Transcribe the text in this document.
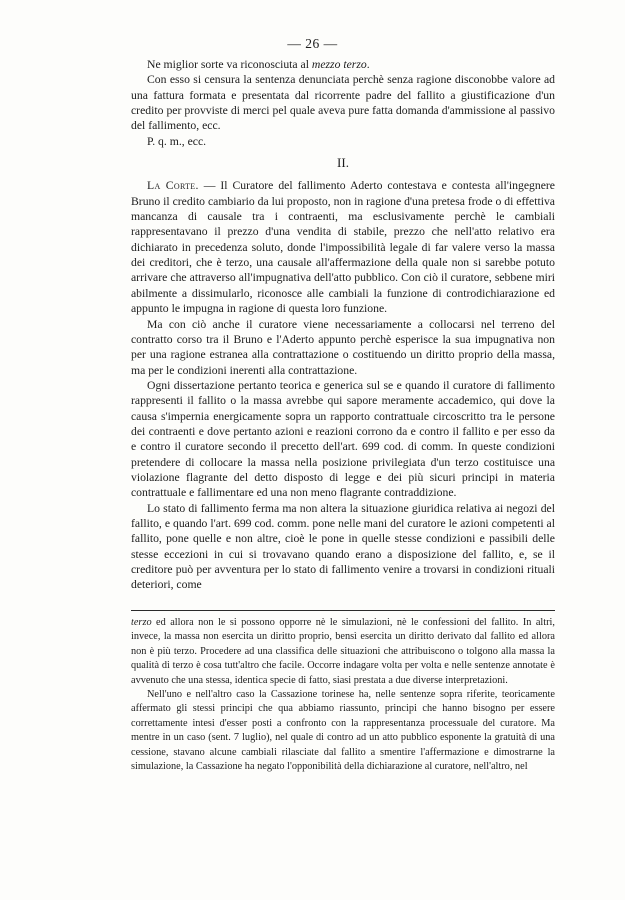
— 26 —

Ne miglior sorte va riconosciuta al mezzo terzo.

Con esso si censura la sentenza denunciata perchè senza ragione disconobbe valore ad una fattura formata e presentata dal ricorrente padre del fallito a giustificazione d'un credito per provviste di merci pel quale aveva pure fatta domanda d'ammissione al passivo del fallimento, ecc.

P. q. m., ecc.

II.

La Corte. — Il Curatore del fallimento Aderto contestava e contesta all'ingegnere Bruno il credito cambiario da lui proposto, non in ragione d'una pretesa frode o di effettiva mancanza di causale tra i contraenti, ma esclusivamente perchè le cambiali rappresentavano il prezzo d'una vendita di stabile, prezzo che nell'atto relativo era dichiarato in precedenza soluto, donde l'impossibilità legale di far valere verso la massa dei creditori, che è terzo, una causale all'affermazione della quale non si sarebbe potuto arrivare che attraverso all'impugnativa dell'atto pubblico. Con ciò il curatore, sebbene miri abilmente a dissimularlo, riconosce alle cambiali la funzione di controdichiarazione ed appunto le impugna in ragione di questa loro funzione.

Ma con ciò anche il curatore viene necessariamente a collocarsi nel terreno del contratto corso tra il Bruno e l'Aderto appunto perchè esperisce la sua impugnativa non per una ragione estranea alla contrattazione o costituendo un diritto proprio della massa, ma per le condizioni inerenti alla contrattazione.

Ogni dissertazione pertanto teorica e generica sul se e quando il curatore di fallimento rappresenti il fallito o la massa avrebbe qui sapore meramente accademico, qui dove la causa s'impernia energicamente sopra un rapporto contrattuale circoscritto tra le persone dei contraenti e dove pertanto azioni e reazioni corrono da e contro il fallito e per esso da e contro il curatore secondo il precetto dell'art. 699 cod. di comm. In queste condizioni pretendere di collocare la massa nella posizione privilegiata d'un terzo costituisce una violazione flagrante del detto disposto di legge e dei più sicuri principi in materia contrattuale e fallimentare ed una non meno flagrante contraddizione.

Lo stato di fallimento ferma ma non altera la situazione giuridica relativa ai negozi del fallito, e quando l'art. 699 cod. comm. pone nelle mani del curatore le azioni competenti al fallito, pone quelle e non altre, cioè le pone in quelle stesse condizioni e passibili delle stesse eccezioni in cui si trovavano quando erano a disposizione del fallito, e, se il creditore può per avventura per lo stato di fallimento venire a trovarsi in condizioni rituali deteriori, come

terzo ed allora non le si possono opporre nè le simulazioni, nè le confessioni del fallito. In altri, invece, la massa non esercita un diritto proprio, bensì esercita un diritto derivato dal fallito ed allora non è più terzo. Procedere ad una classifica delle situazioni che attribuiscono o tolgono alla massa la qualità di terzo è cosa tutt'altro che facile. Occorre indagare volta per volta e nelle sentenze annotate è avvenuto che una stessa, identica specie di fatto, siasi prestata a due diverse interpretazioni.

Nell'uno e nell'altro caso la Cassazione torinese ha, nelle sentenze sopra riferite, teoricamente affermato gli stessi principi che qua abbiamo riassunto, principi che hanno bisogno per essere correttamente intesi d'esser posti a confronto con la rappresentanza processuale del curatore. Ma mentre in un caso (sent. 7 luglio), nel quale di contro ad un atto pubblico esponente la gratuità di una cessione, stavano alcune cambiali rilasciate dal fallito a smentire l'affermazione e dimostrarne la simulazione, la Cassazione ha negato l'opponibilità della dichiarazione al curatore, nell'altro, nel
